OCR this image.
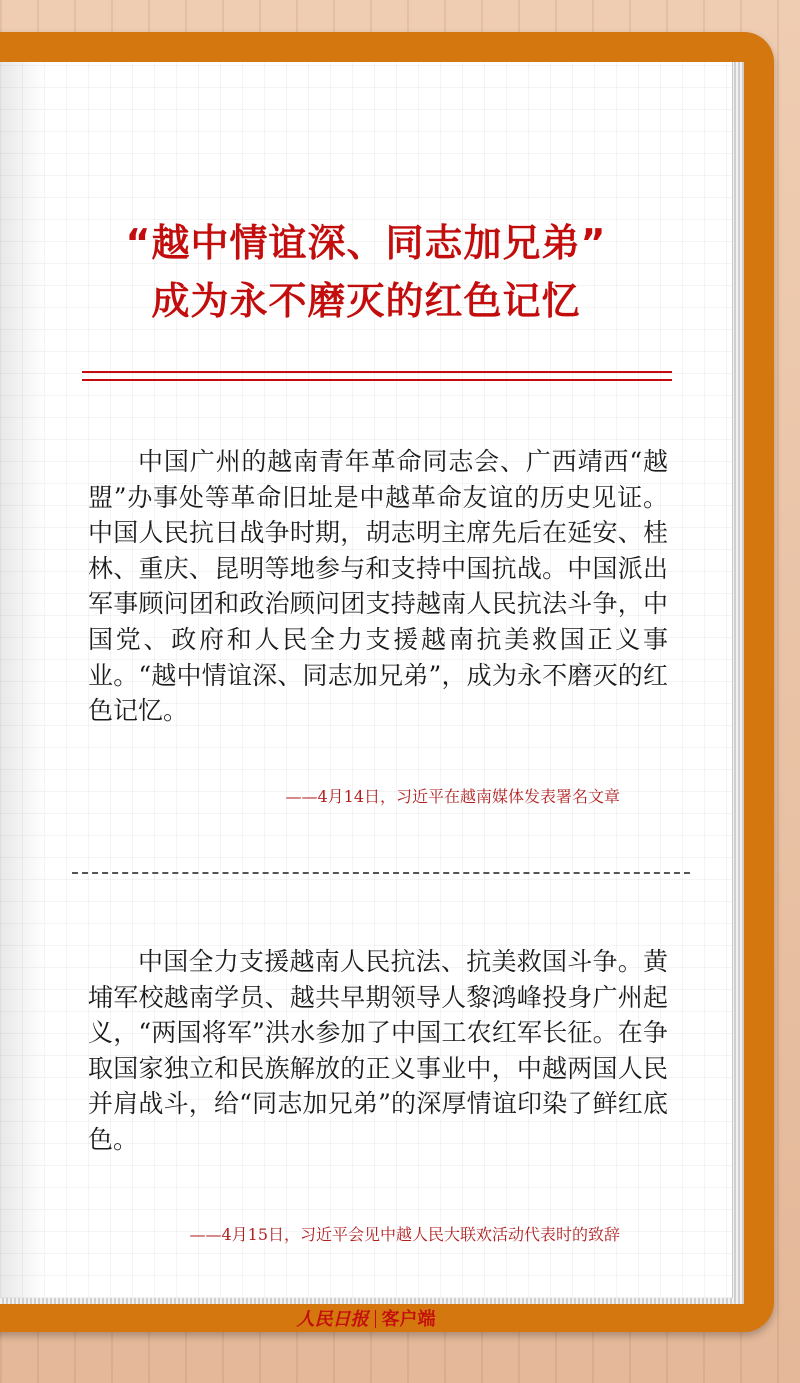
“越中情谊深、同志加兄弟”
成为永不磨灭的红色记忆

中国广州的越南青年革命同志会、广西靖西“越盟”办事处等革命旧址是中越革命友谊的历史见证。中国人民抗日战争时期，胡志明主席先后在延安、桂林、重庆、昆明等地参与和支持中国抗战。中国派出军事顾问团和政治顾问团支持越南人民抗法斗争，中国党、政府和人民全力支援越南抗美救国正义事业。“越中情谊深、同志加兄弟”，成为永不磨灭的红色记忆。

——4月14日，习近平在越南媒体发表署名文章

中国全力支援越南人民抗法、抗美救国斗争。黄埔军校越南学员、越共早期领导人黎鸿峰投身广州起义，“两国将军”洪水参加了中国工农红军长征。在争取国家独立和民族解放的正义事业中，中越两国人民并肩战斗，给“同志加兄弟”的深厚情谊印染了鲜红底色。

——4月15日，习近平会见中越人民大联欢活动代表时的致辞

人民日报 客户端
